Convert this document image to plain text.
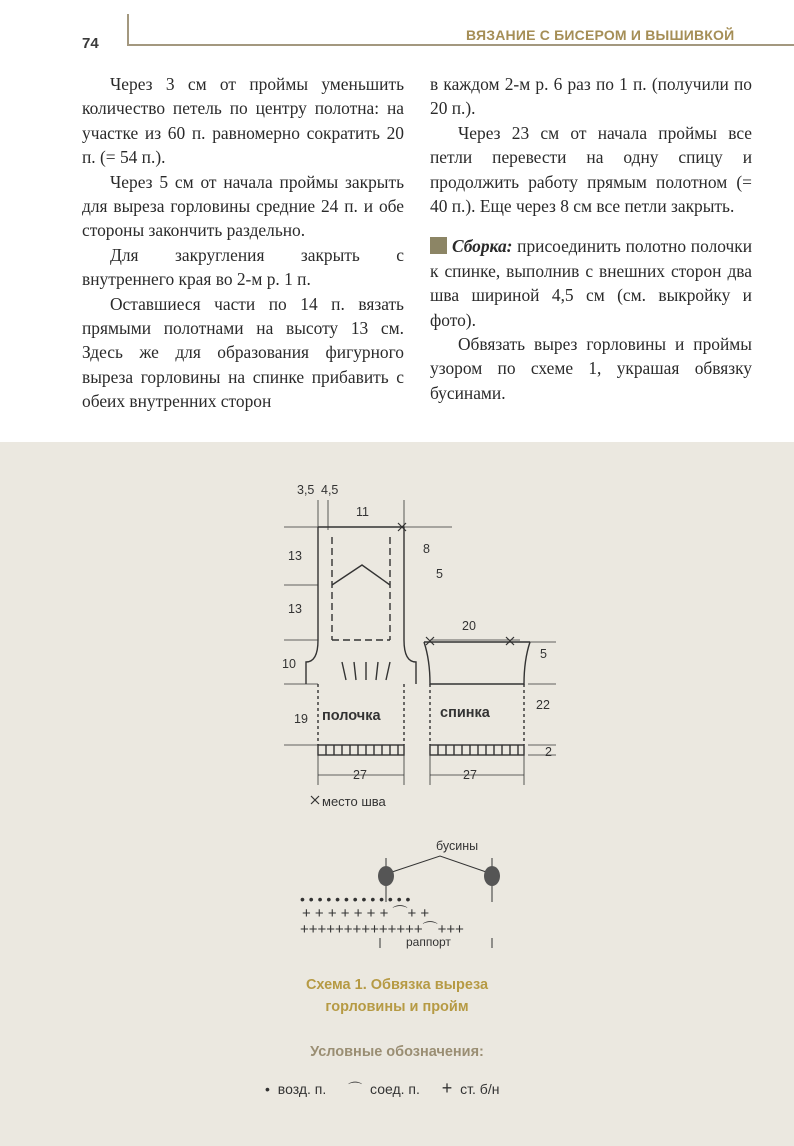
74	ВЯЗАНИЕ С БИСЕРОМ И ВЫШИВКОЙ

Через 3 см от проймы уменьшить количество петель по центру полотна: на участке из 60 п. равномерно сократить 20 п. (= 54 п.).

Через 5 см от начала проймы закрыть для выреза горловины средние 24 п. и обе стороны закончить раздельно.

Для закругления закрыть с внутреннего края во 2-м р. 1 п.

Оставшиеся части по 14 п. вязать прямыми полотнами на высоту 13 см. Здесь же для образования фигурного выреза горловины на спинке прибавить с обеих внутренних сторон

в каждом 2-м р. 6 раз по 1 п. (получили по 20 п.).

Через 23 см от начала проймы все петли перевести на одну спицу и продолжить работу прямым полотном (= 40 п.). Еще через 8 см все петли закрыть.

Сборка: присоединить полотно полочки к спинке, выполнив с внешних сторон два шва шириной 4,5 см (см. выкройку и фото).

Обвязать вырез горловины и проймы узором по схеме 1, украшая обвязку бусинами.

3,5 4,5
11
13
13
10
19
8
5
20
5
22
2
27	27
полочка	спинка
место шва
бусины
• • • • • • • • • • • • •
+ + + + + + + ⌒+ +
++++++++++++++⌒+++
раппорт
Схема 1. Обвязка выреза
горловины и пройм
Условные обозначения:
• возд. п. ⌒ соед. п. + ст. б/н
